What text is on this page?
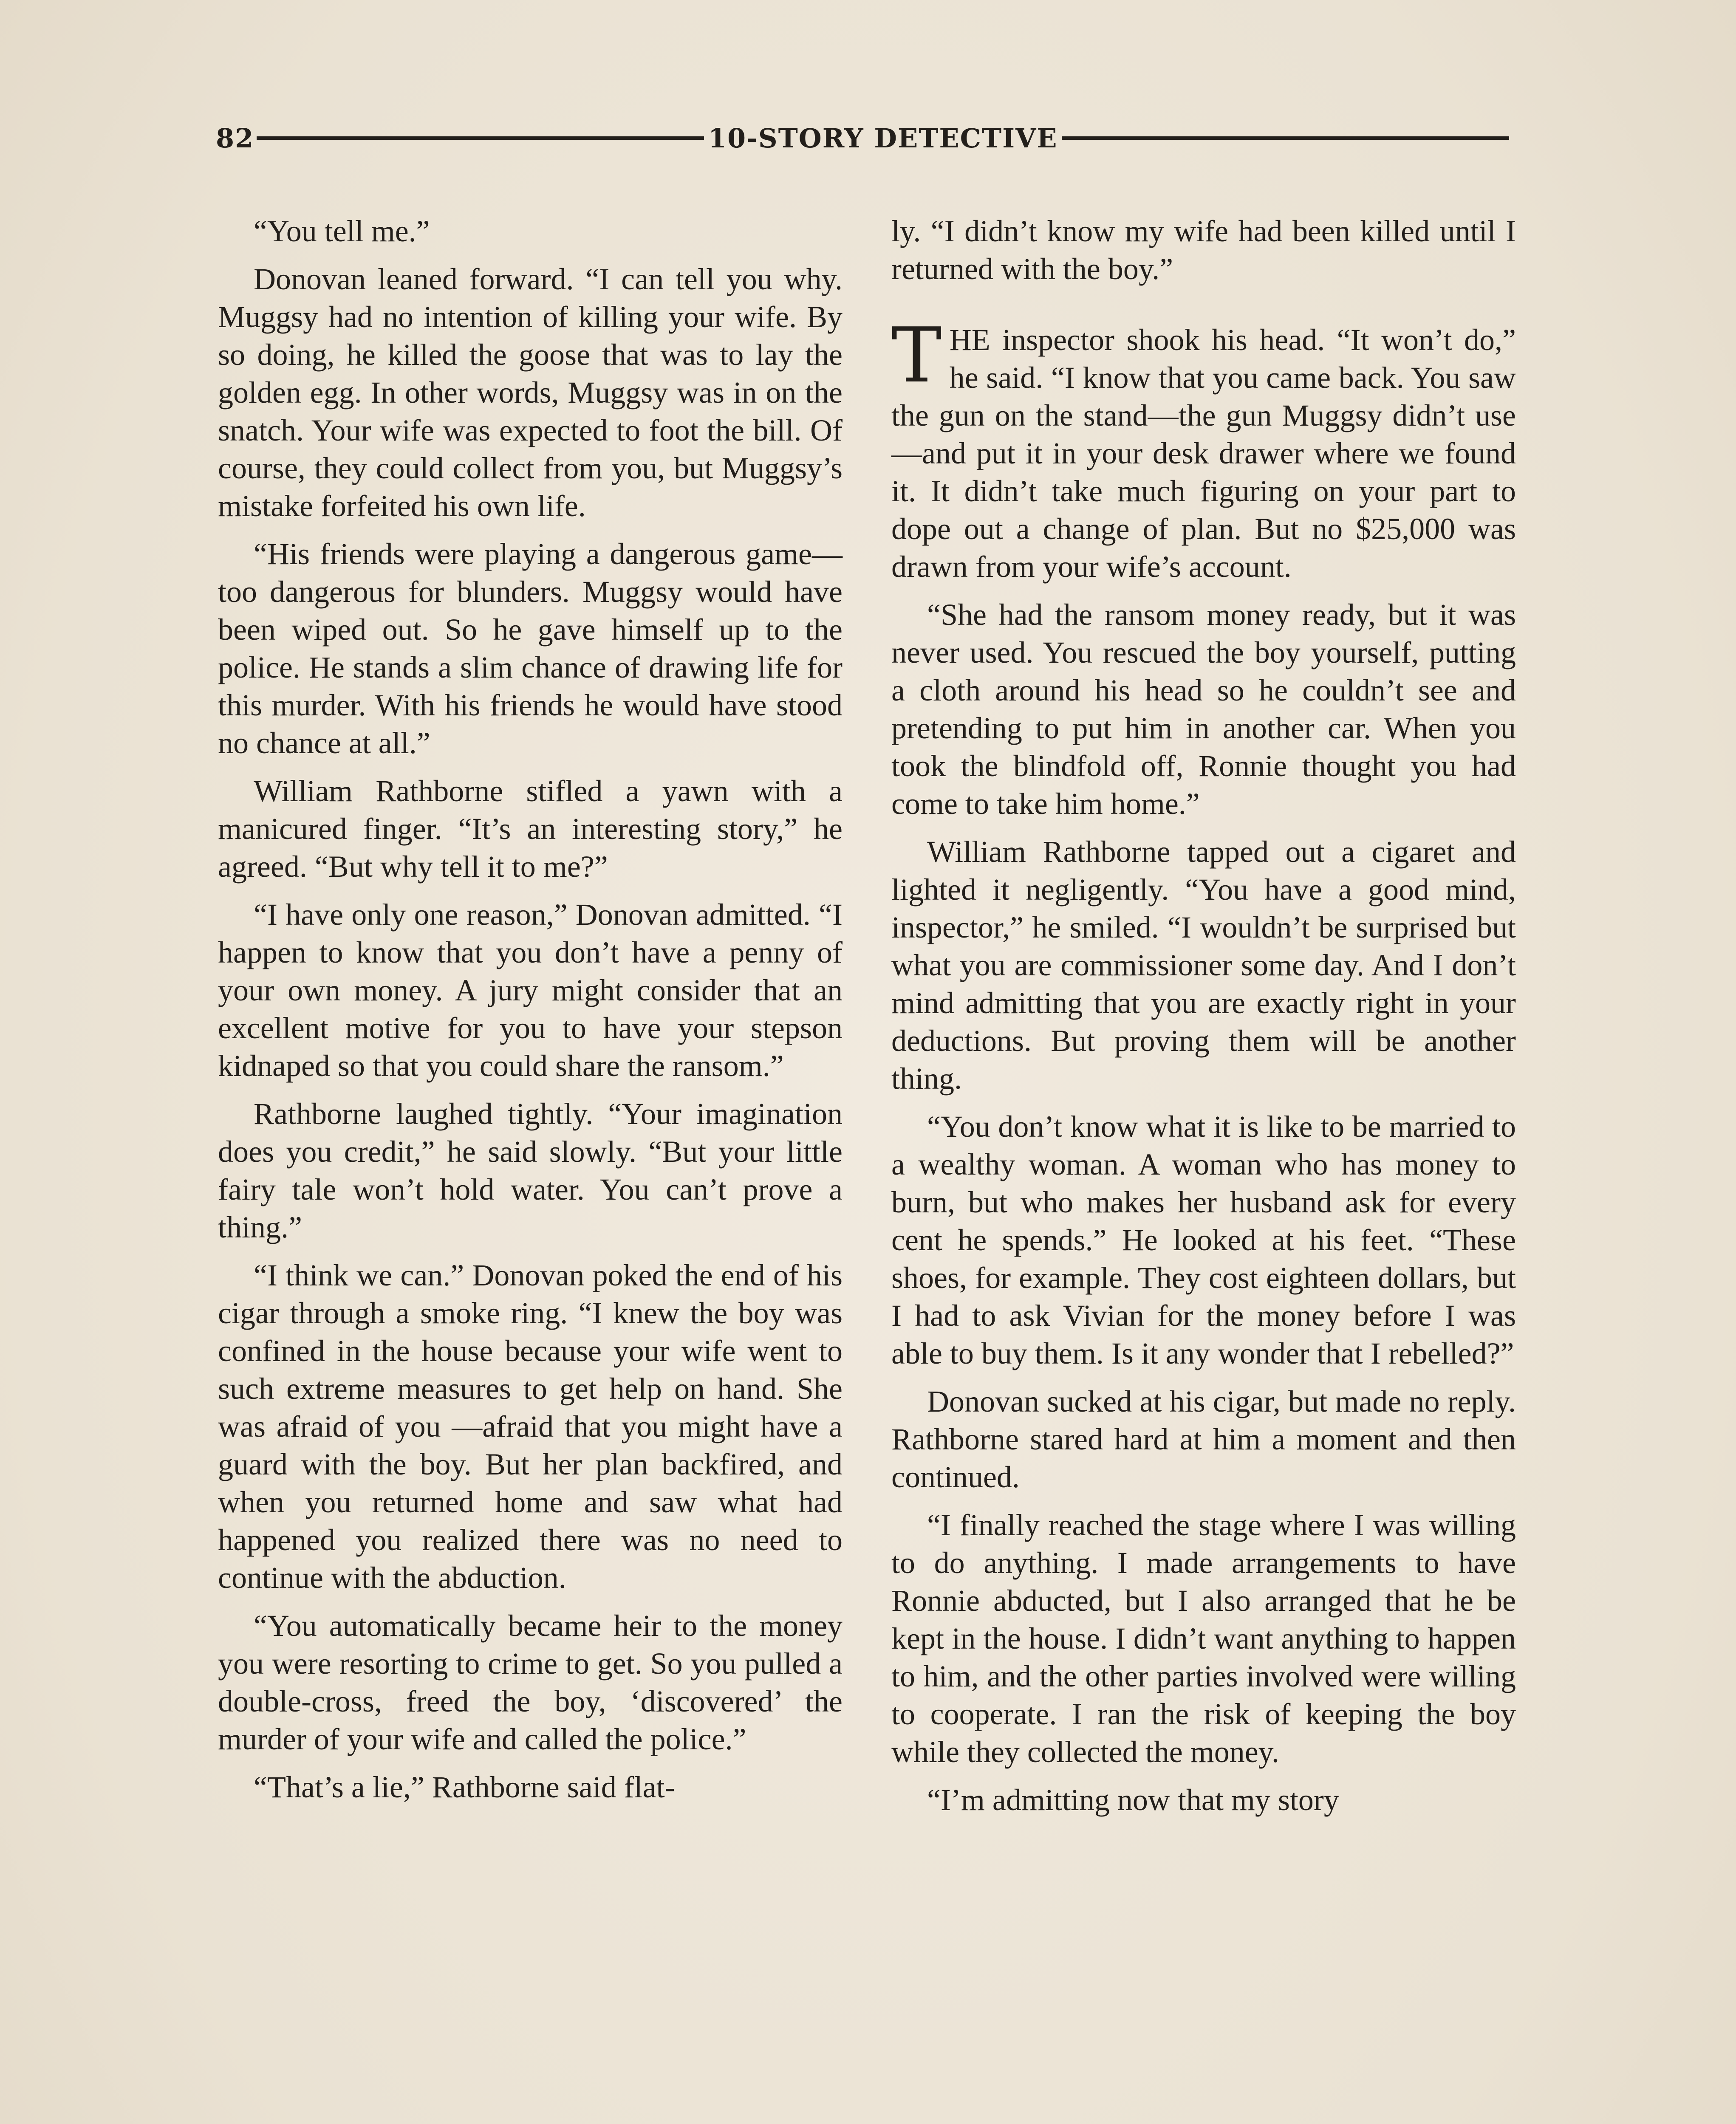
82	10-STORY DETECTIVE

“You tell me.”

Donovan leaned forward. “I can tell you why. Muggsy had no intention of killing your wife. By so doing, he killed the goose that was to lay the golden egg. In other words, Muggsy was in on the snatch. Your wife was expected to foot the bill. Of course, they could collect from you, but Muggsy’s mistake forfeited his own life.

“His friends were playing a dangerous game—too dangerous for blunders. Muggsy would have been wiped out. So he gave himself up to the police. He stands a slim chance of drawing life for this murder. With his friends he would have stood no chance at all.”

William Rathborne stifled a yawn with a manicured finger. “It’s an interesting story,” he agreed. “But why tell it to me?”

“I have only one reason,” Donovan admitted. “I happen to know that you don’t have a penny of your own money. A jury might consider that an excellent motive for you to have your stepson kidnaped so that you could share the ransom.”

Rathborne laughed tightly. “Your imagination does you credit,” he said slowly. “But your little fairy tale won’t hold water. You can’t prove a thing.”

“I think we can.” Donovan poked the end of his cigar through a smoke ring. “I knew the boy was confined in the house because your wife went to such extreme measures to get help on hand. She was afraid of you —afraid that you might have a guard with the boy. But her plan backfired, and when you returned home and saw what had happened you realized there was no need to continue with the abduction.

“You automatically became heir to the money you were resorting to crime to get. So you pulled a double-cross, freed the boy, ‘discovered’ the murder of your wife and called the police.”

“That’s a lie,” Rathborne said flat-

ly. “I didn’t know my wife had been killed until I returned with the boy.”

THE inspector shook his head. “It won’t do,” he said. “I know that you came back. You saw the gun on the stand—the gun Muggsy didn’t use —and put it in your desk drawer where we found it. It didn’t take much figuring on your part to dope out a change of plan. But no $25,000 was drawn from your wife’s account.

“She had the ransom money ready, but it was never used. You rescued the boy yourself, putting a cloth around his head so he couldn’t see and pretending to put him in another car. When you took the blindfold off, Ronnie thought you had come to take him home.”

William Rathborne tapped out a cigaret and lighted it negligently. “You have a good mind, inspector,” he smiled. “I wouldn’t be surprised but what you are commissioner some day. And I don’t mind admitting that you are exactly right in your deductions. But proving them will be another thing.

“You don’t know what it is like to be married to a wealthy woman. A woman who has money to burn, but who makes her husband ask for every cent he spends.” He looked at his feet. “These shoes, for example. They cost eighteen dollars, but I had to ask Vivian for the money before I was able to buy them. Is it any wonder that I rebelled?”

Donovan sucked at his cigar, but made no reply. Rathborne stared hard at him a moment and then continued.

“I finally reached the stage where I was willing to do anything. I made arrangements to have Ronnie abducted, but I also arranged that he be kept in the house. I didn’t want anything to happen to him, and the other parties involved were willing to cooperate. I ran the risk of keeping the boy while they collected the money.

“I’m admitting now that my story
